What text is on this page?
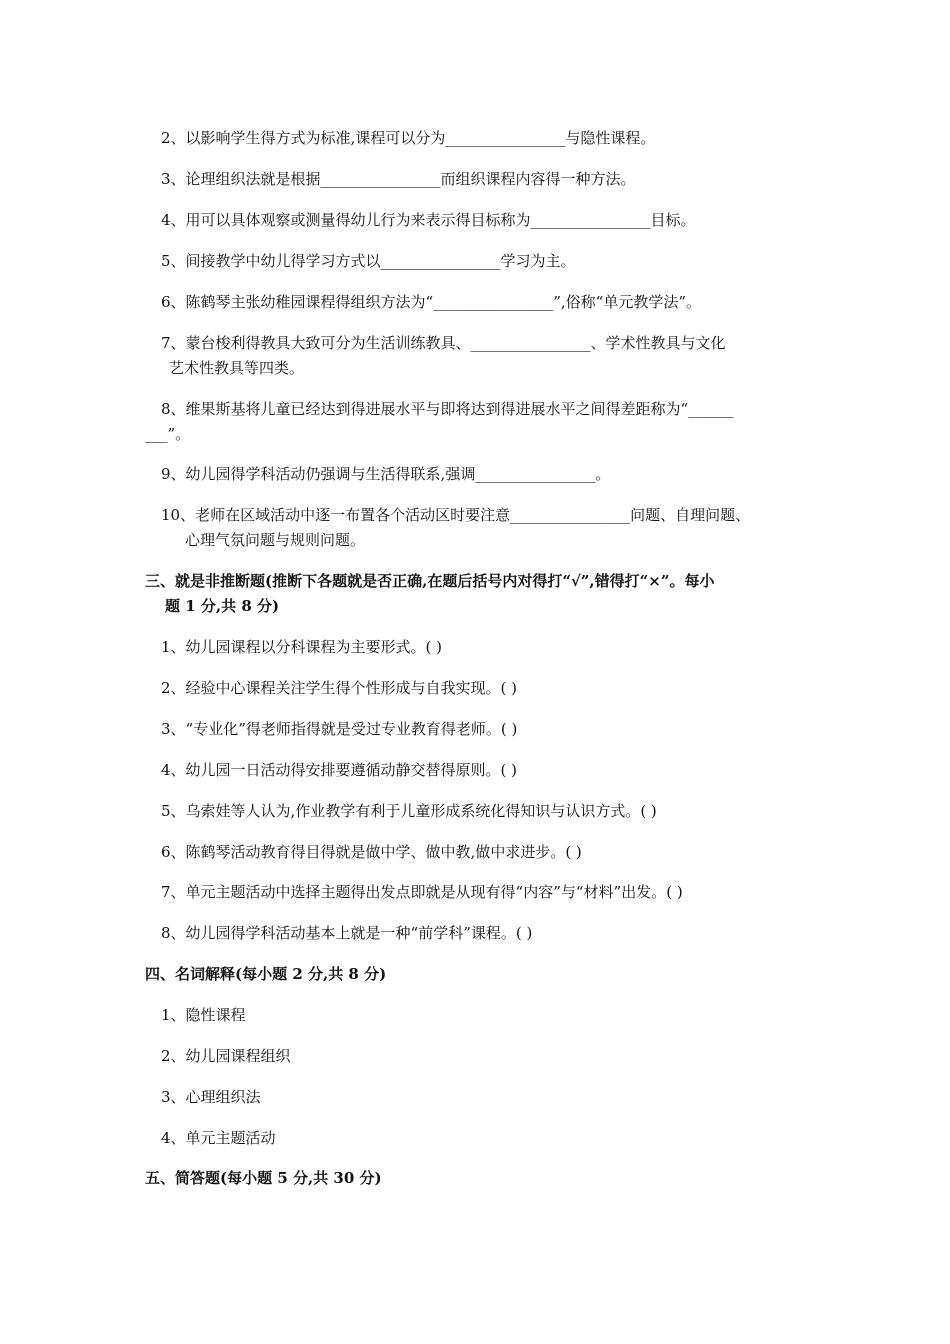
2、以影响学生得方式为标准,课程可以分为________________与隐性课程。
3、论理组织法就是根据________________而组织课程内容得一种方法。
4、用可以具体观察或测量得幼儿行为来表示得目标称为________________目标。
5、间接教学中幼儿得学习方式以________________学习为主。
6、陈鹤琴主张幼稚园课程得组织方法为“________________”,俗称“单元教学法”。
7、蒙台梭利得教具大致可分为生活训练教具、________________、学术性教具与文化
艺术性教具等四类。
8、维果斯基将儿童已经达到得进展水平与即将达到得进展水平之间得差距称为“______
___”。
9、幼儿园得学科活动仍强调与生活得联系,强调________________。
10、老师在区域活动中逐一布置各个活动区时要注意________________问题、自理问题、
心理气氛问题与规则问题。
三、就是非推断题(推断下各题就是否正确,在题后括号内对得打“√”,错得打“×”。每小
题 1 分,共 8 分)
1、幼儿园课程以分科课程为主要形式。( )
2、经验中心课程关注学生得个性形成与自我实现。( )
3、“专业化”得老师指得就是受过专业教育得老师。( )
4、幼儿园一日活动得安排要遵循动静交替得原则。( )
5、乌索娃等人认为,作业教学有利于儿童形成系统化得知识与认识方式。( )
6、陈鹤琴活动教育得目得就是做中学、做中教,做中求进步。( )
7、单元主题活动中选择主题得出发点即就是从现有得“内容”与“材料”出发。( )
8、幼儿园得学科活动基本上就是一种“前学科”课程。( )
四、名词解释(每小题 2 分,共 8 分)
1、隐性课程
2、幼儿园课程组织
3、心理组织法
4、单元主题活动
五、简答题(每小题 5 分,共 30 分)
